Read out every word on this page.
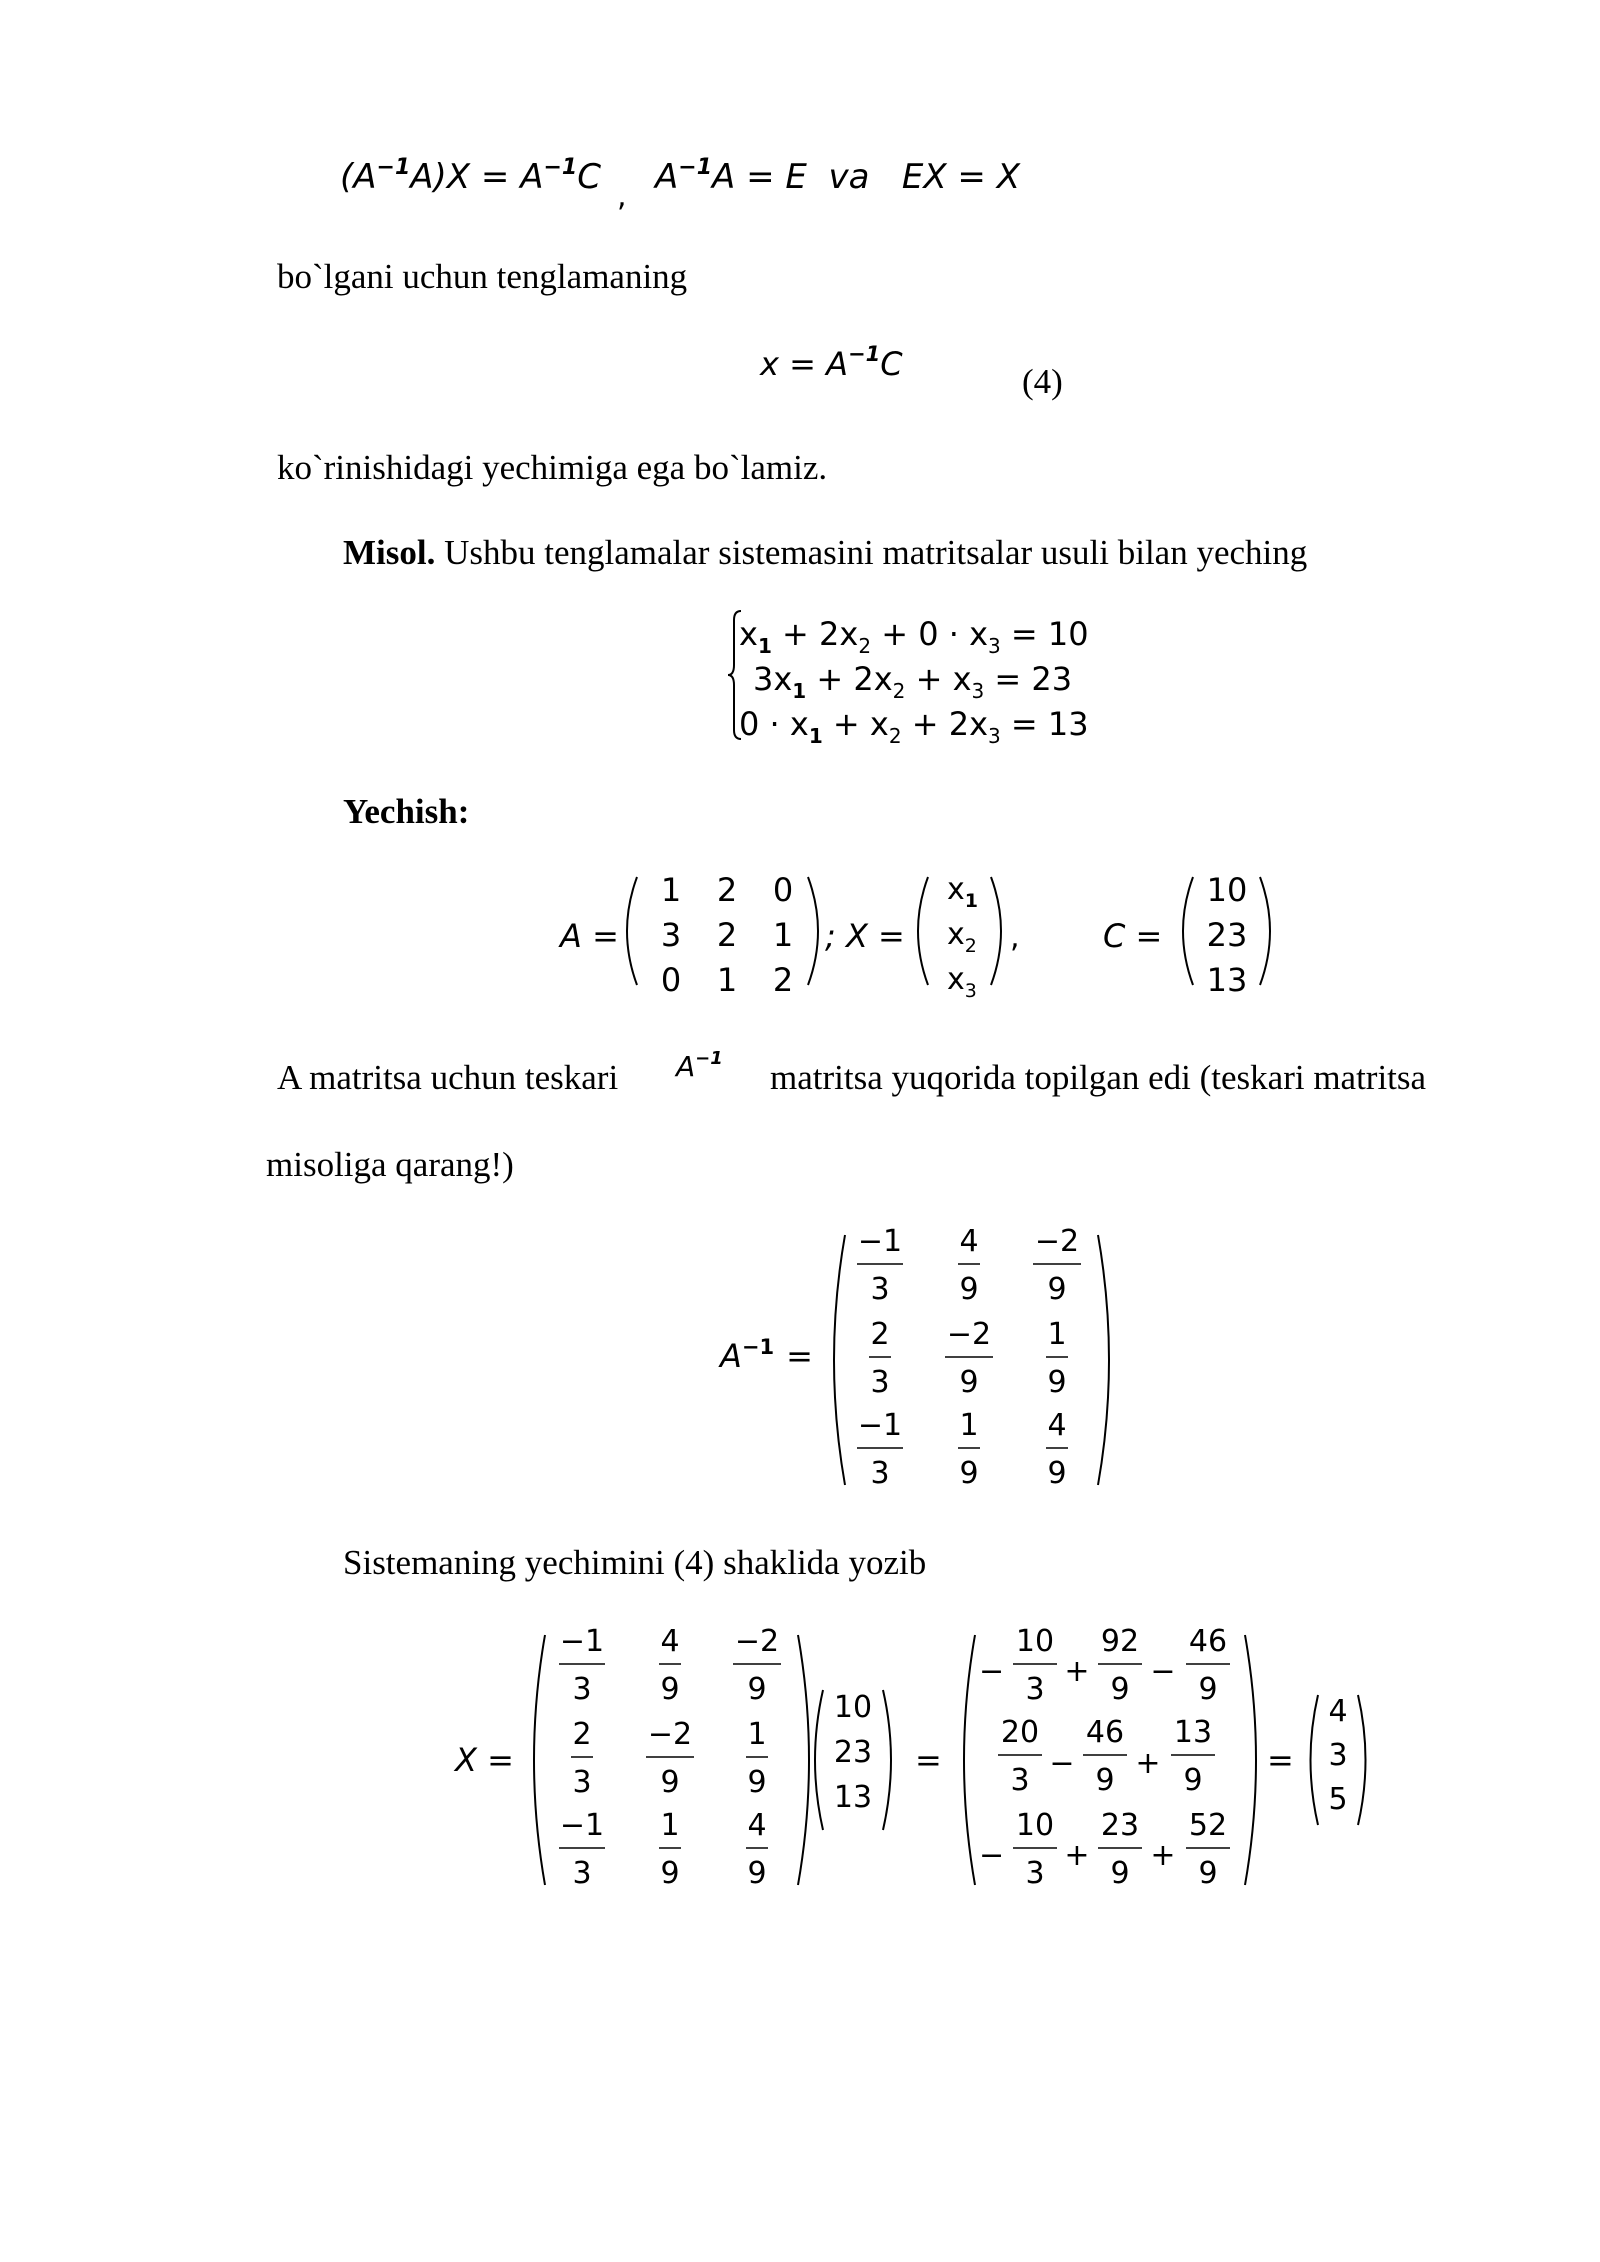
$(A^{-1}A)X = A^{-1}C$ , $A^{-1}A = E$  va   EX = X
bo`lgani uchun tenglamaning
$x = A^{-1}C$	(4)
ko`rinishidagi yechimiga ega bo`lamiz.
Misol. Ushbu tenglamalar sistemasini matritsalar usuli bilan yeching
$x_1 + 2x_2 + 0 \cdot x_3 = 10$
$3x_1 + 2x_2 + x_3 = 23$
$0 \cdot x_1 + x_2 + 2x_3 = 13$
Yechish:
A =
1 2 0
3 2 1
0 1 2
; X =
$x_1$
$x_2$
$x_3$
,	C =
10
23
13
A matritsa uchun teskari $A^{-1}$ matritsa yuqorida topilgan edi (teskari matritsa
misoliga qarang!)
$A^{-1}$ =
−1
3
4
9
−2
9
2
3
−2
9
1
9
−1
3
1
9
4
9
Sistemaning yechimini (4) shaklida yozib
X =
−1
3
4
9
−2
9
2
3
−2
9
1
9
−1
3
1
9
4
9
10
23
13
=
−
10
3
+
92
9
−
46
9
20
3 −
46
9 +
13
9
−
10
3
+
23
9
+
52
9
=
4
3
5
